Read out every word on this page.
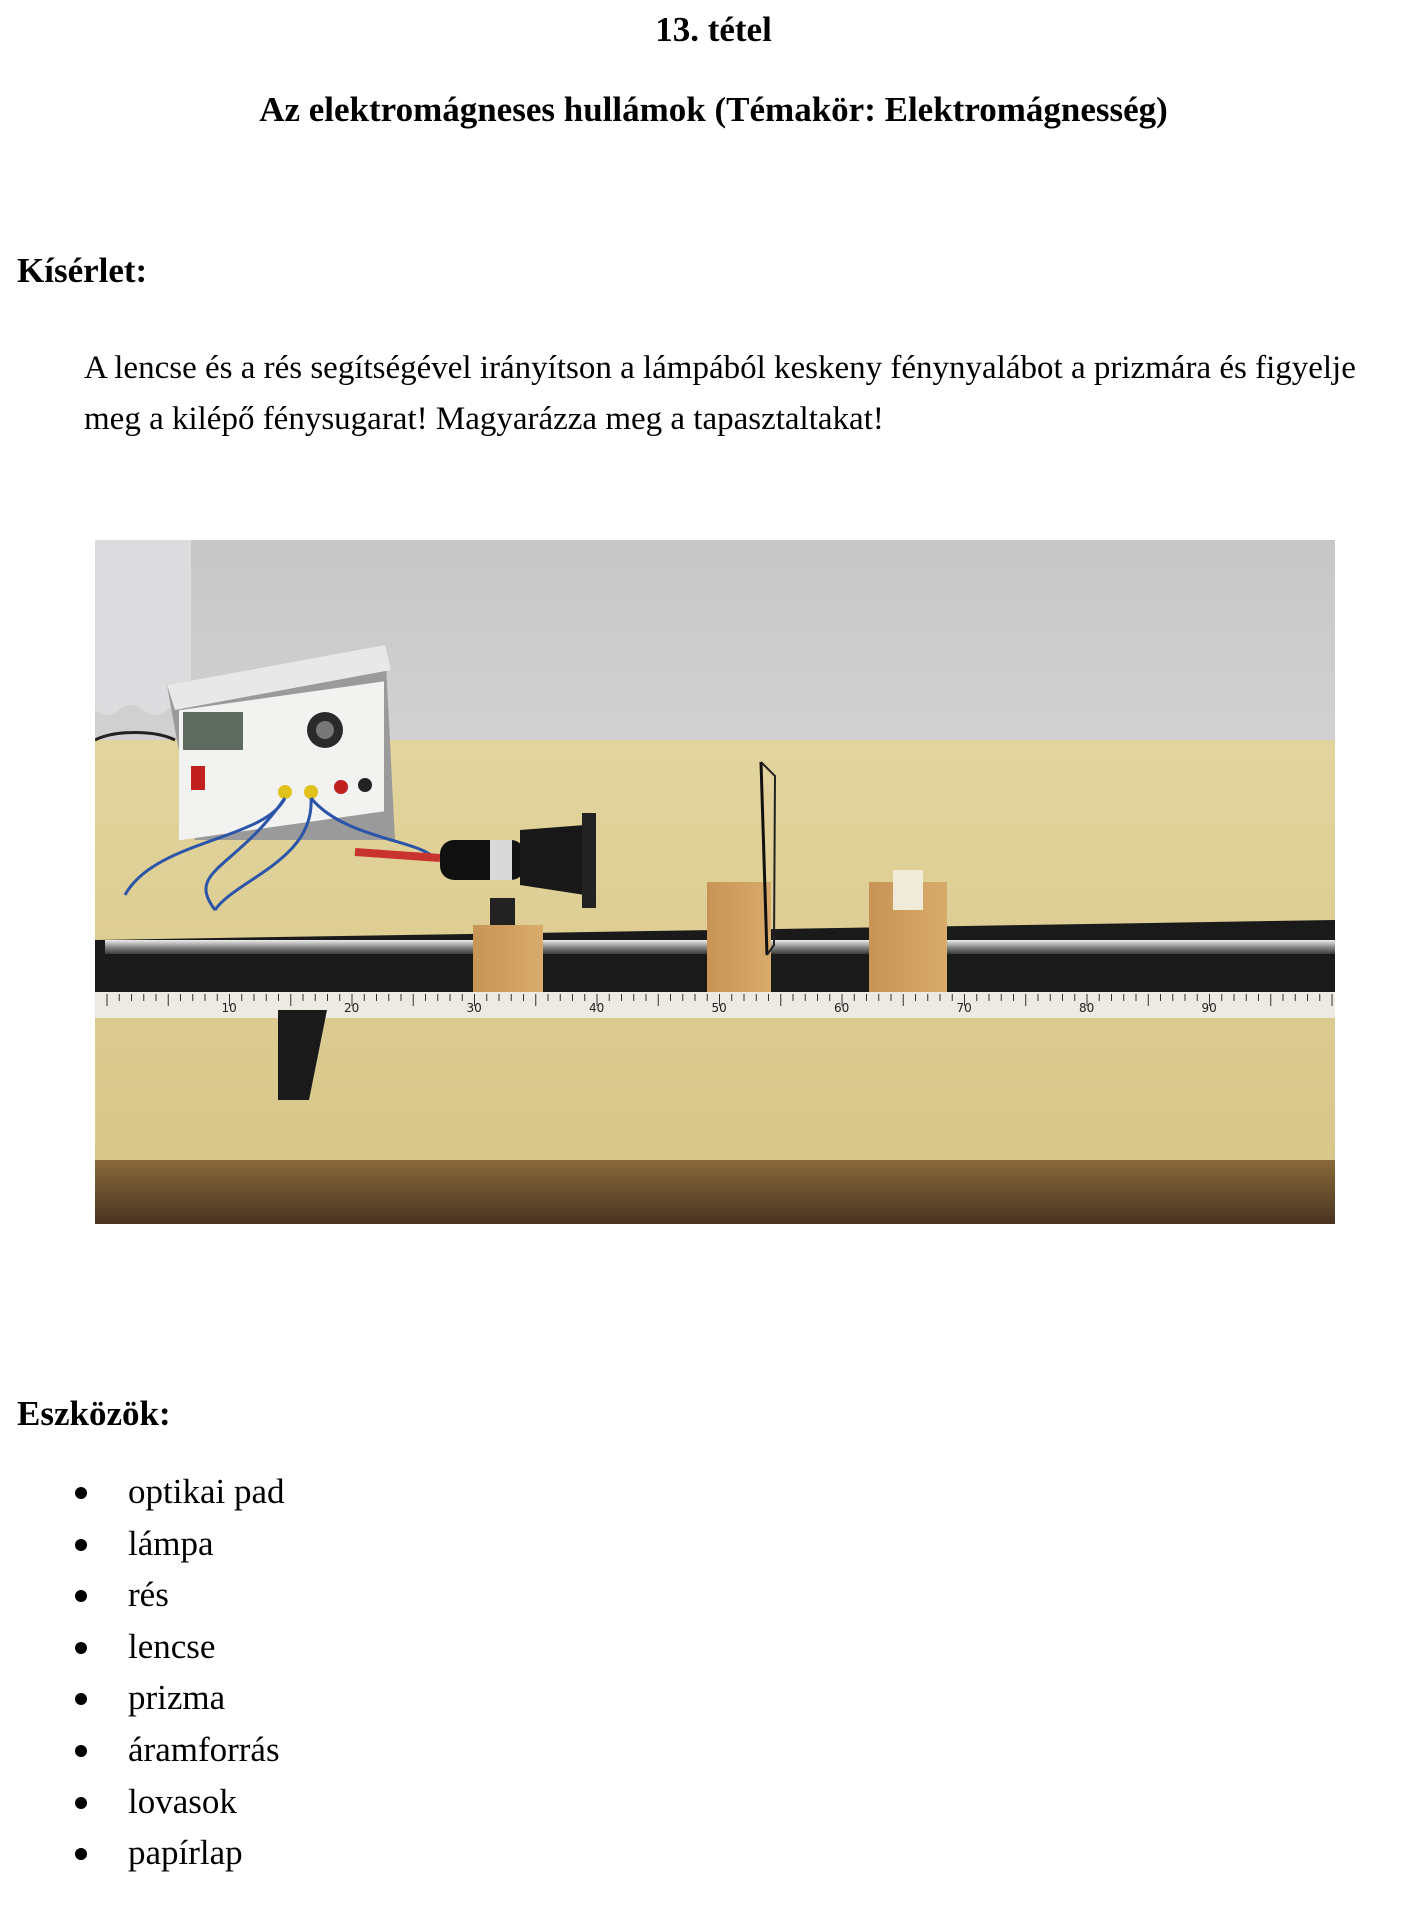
13. tétel
Az elektromágneses hullámok (Témakör: Elektromágnesség)

Kísérlet:

A lencse és a rés segítségével irányítson a lámpából keskeny fénynyalábot a prizmára és figyelje meg a kilépő fénysugarat! Magyarázza meg a tapasztaltakat!

10	20	30	40	50	60	70	80	90

Eszközök:

optikai pad
lámpa
rés
lencse
prizma
áramforrás
lovasok
papírlap
